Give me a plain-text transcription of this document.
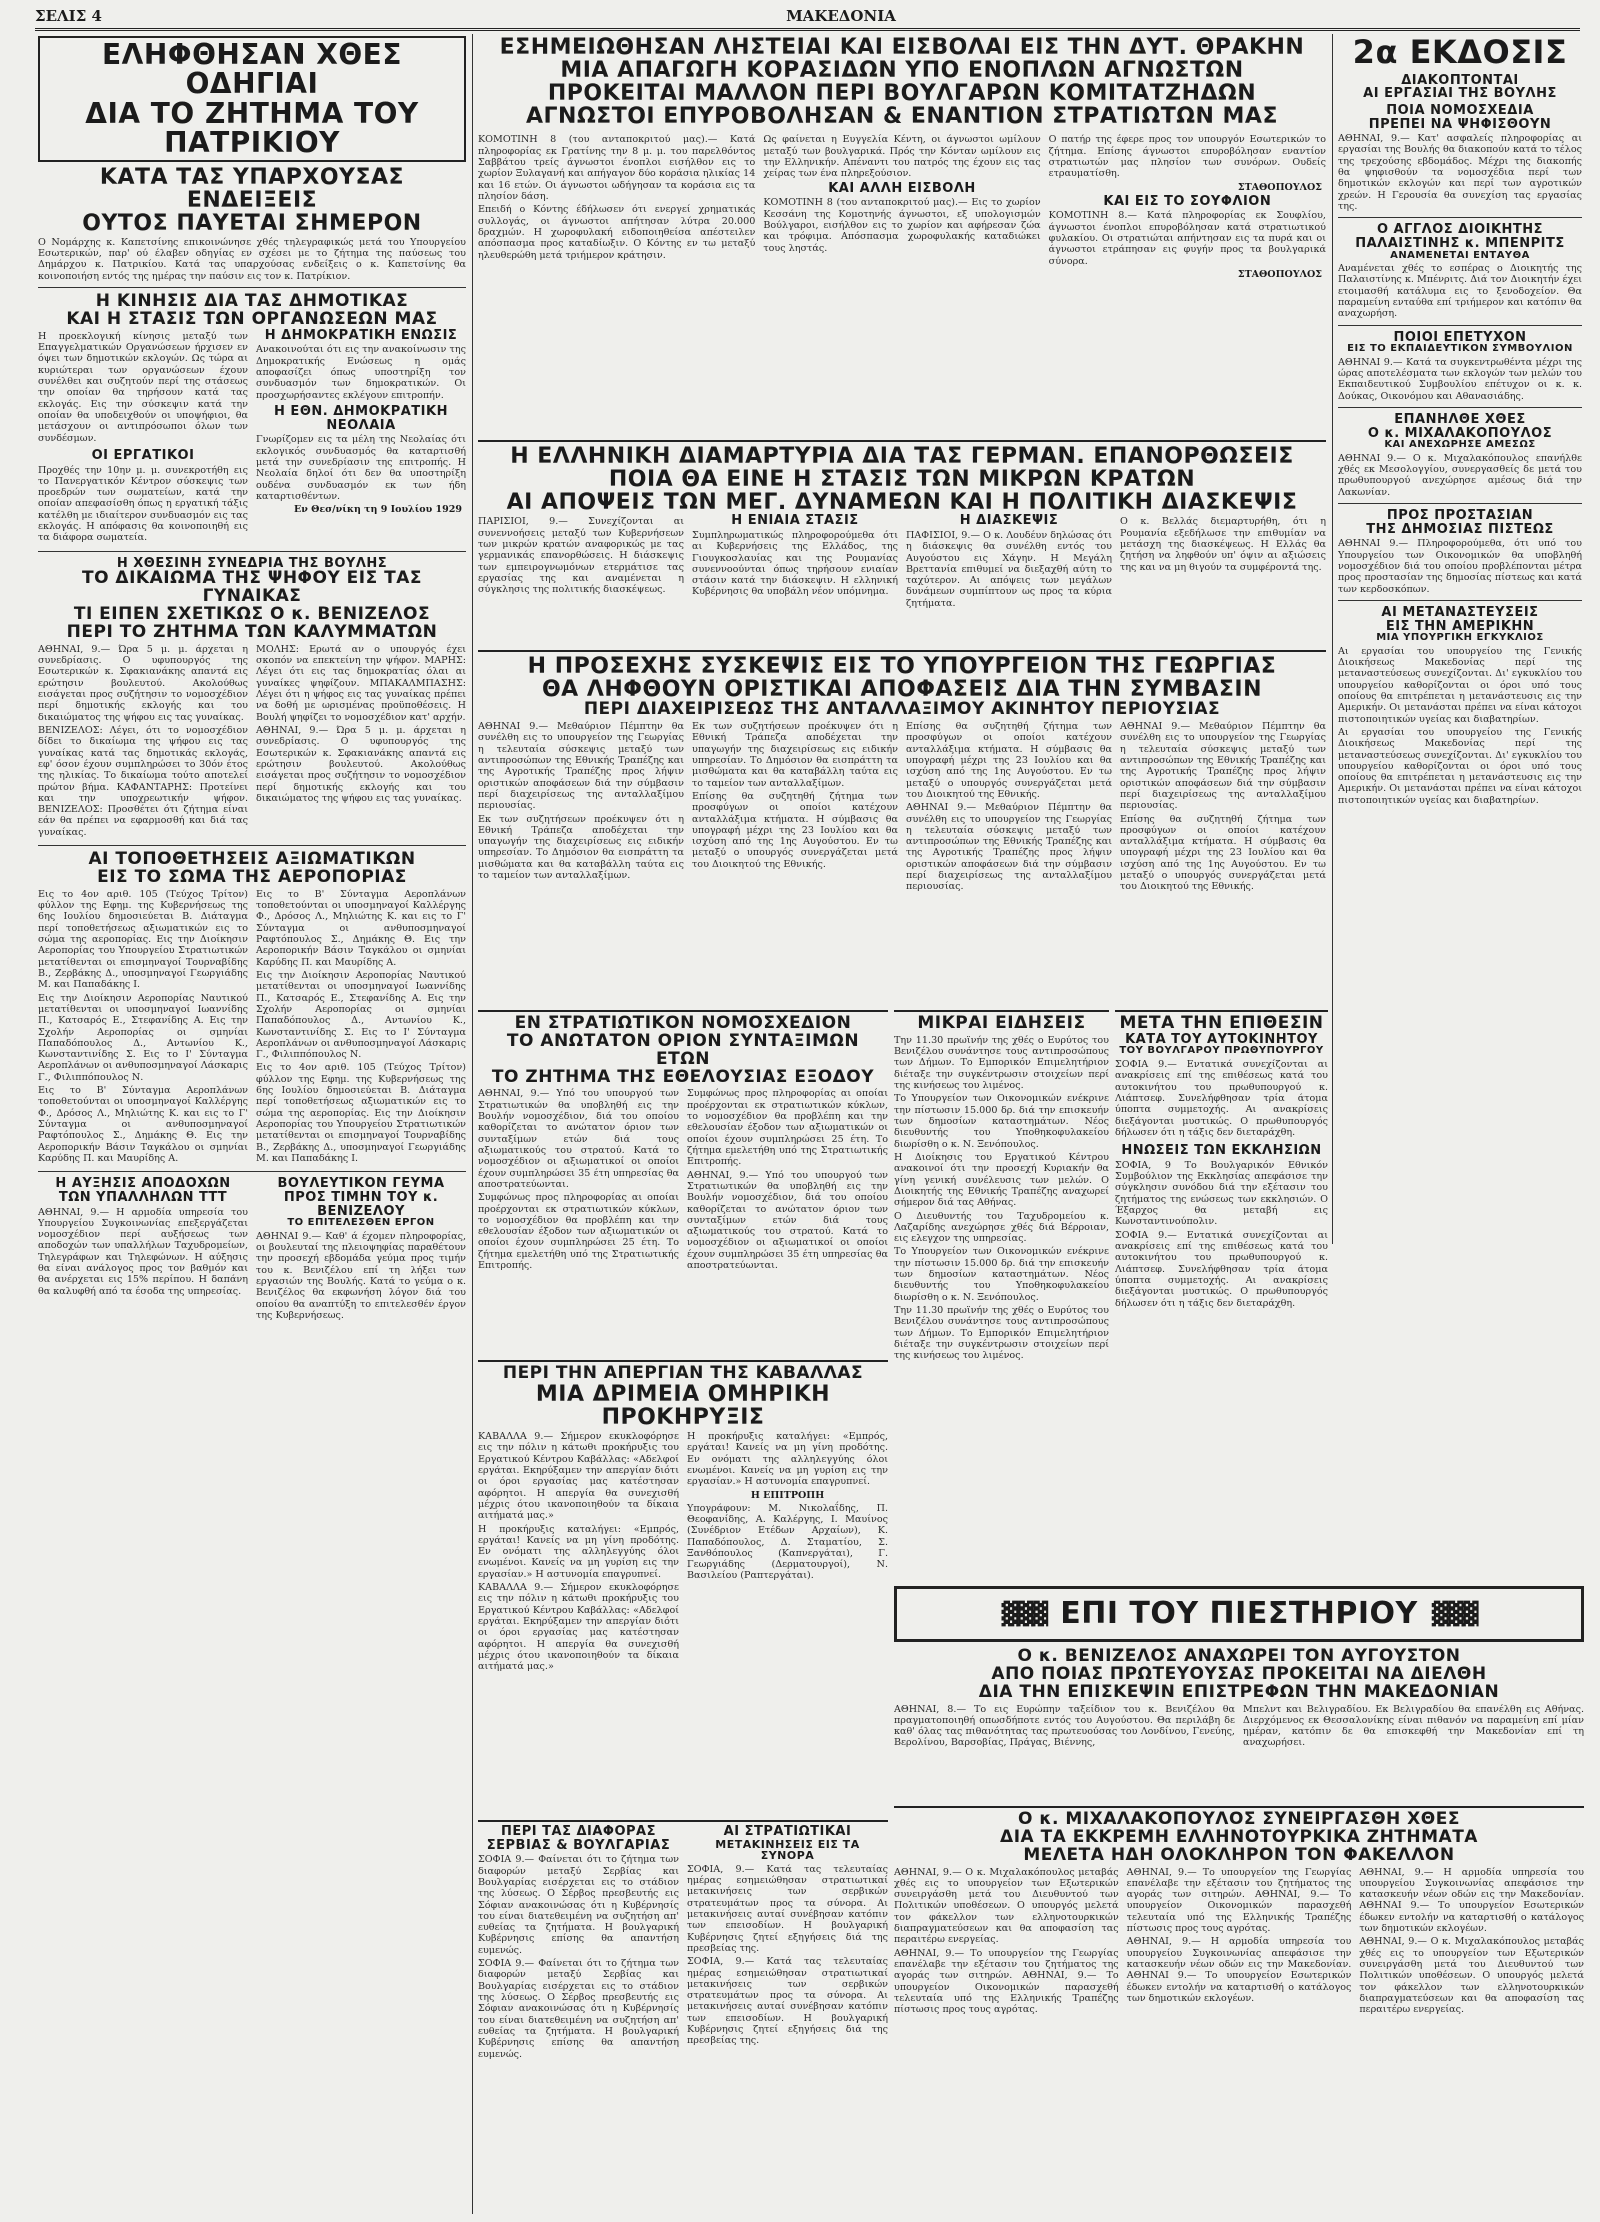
ΣΕΛΙΣ 4	ΜΑΚΕΔΟΝΙΑ

ΕΛΗΦΘΗΣΑΝ ΧΘΕΣ ΟΔΗΓΙΑΙ

ΔΙΑ ΤΟ ΖΗΤΗΜΑ ΤΟΥ ΠΑΤΡΙΚΙΟΥ

ΚΑΤΑ ΤΑΣ ΥΠΑΡΧΟΥΣΑΣ ΕΝΔΕΙΞΕΙΣ

ΟΥΤΟΣ ΠΑΥΕΤΑΙ ΣΗΜΕΡΟΝ

Ο Νομάρχης κ. Καπετσίνης επικοινώνησε χθές τηλεγραφικώς μετά του Υπουργείου Εσωτερικών, παρ' ού έλαβεν οδηγίας εν σχέσει με το ζήτημα της παύσεως του Δημάρχου κ. Πατρικίου. Κατά τας υπαρχούσας ενδείξεις ο κ. Καπετσίνης θα κοινοποιήση εντός της ημέρας την παύσιν εις τον κ. Πατρίκιον.

Η ΚΙΝΗΣΙΣ ΔΙΑ ΤΑΣ ΔΗΜΟΤΙΚΑΣ

ΚΑΙ Η ΣΤΑΣΙΣ ΤΩΝ ΟΡΓΑΝΩΣΕΩΝ ΜΑΣ

Η προεκλογική κίνησις μεταξύ των Επαγγελματικών Οργανώσεων ήρχισεν εν όψει των δημοτικών εκλογών. Ως τώρα αι κυριώτεραι των οργανώσεων έχουν συνέλθει και συζητούν περί της στάσεως την οποίαν θα τηρήσουν κατά τας εκλογάς. Εις την σύσκεψιν κατά την οποίαν θα υποδειχθούν οι υποψήφιοι, θα μετάσχουν οι αντιπρόσωποι όλων των συνδέσμων.

ΟΙ ΕΡΓΑΤΙΚΟΙ

Προχθές την 10ην μ. μ. συνεκροτήθη εις το Πανεργατικόν Κέντρον σύσκεψις των προεδρών των σωματείων, κατά την οποίαν απεφασίσθη όπως η εργατική τάξις κατέλθη με ιδιαίτερον συνδυασμόν εις τας εκλογάς. Η απόφασις θα κοινοποιηθή εις τα διάφορα σωματεία.

Η ΔΗΜΟΚΡΑΤΙΚΗ ΕΝΩΣΙΣ

Ανακοινούται ότι εις την ανακοίνωσιν της Δημοκρατικής Ενώσεως η ομάς αποφασίζει όπως υποστηρίξη τον συνδυασμόν των δημοκρατικών. Οι προσχωρήσαντες εκλέγουν επιτροπήν.

Η ΕΘΝ. ΔΗΜΟΚΡΑΤΙΚΗ ΝΕΟΛΑΙΑ

Γνωρίζομεν εις τα μέλη της Νεολαίας ότι εκλογικός συνδυασμός θα καταρτισθή μετά την συνεδρίασιν της επιτροπής. Η Νεολαία δηλοί ότι δεν θα υποστηρίξη ουδένα συνδυασμόν εκ των ήδη καταρτισθέντων.

Εν Θεσ/νίκη τη 9 Ιουλίου 1929

Η ΧΘΕΣΙΝΗ ΣΥΝΕΔΡΙΑ ΤΗΣ ΒΟΥΛΗΣ

ΤΟ ΔΙΚΑΙΩΜΑ ΤΗΣ ΨΗΦΟΥ ΕΙΣ ΤΑΣ ΓΥΝΑΙΚΑΣ

ΤΙ ΕΙΠΕΝ ΣΧΕΤΙΚΩΣ Ο κ. ΒΕΝΙΖΕΛΟΣ

ΠΕΡΙ ΤΟ ΖΗΤΗΜΑ ΤΩΝ ΚΑΛΥΜΜΑΤΩΝ

ΑΘΗΝΑΙ, 9.— Ώρα 5 μ. μ. άρχεται η συνεδρίασις. Ο υφυπουργός της Εσωτερικών κ. Σφακιανάκης απαντά εις ερώτησιν βουλευτού. Ακολούθως εισάγεται προς συζήτησιν το νομοσχέδιον περί δημοτικής εκλογής και του δικαιώματος της ψήφου εις τας γυναίκας.

ΒΕΝΙΖΕΛΟΣ: Λέγει, ότι το νομοσχέδιον δίδει το δικαίωμα της ψήφου εις τας γυναίκας κατά τας δημοτικάς εκλογάς, εφ' όσον έχουν συμπληρώσει το 30όν έτος της ηλικίας. Το δικαίωμα τούτο αποτελεί πρώτον βήμα. ΚΑΦΑΝΤΑΡΗΣ: Προτείνει και την υποχρεωτικήν ψήφον. ΒΕΝΙΖΕΛΟΣ: Προσθέτει ότι ζήτημα είναι εάν θα πρέπει να εφαρμοσθή και διά τας γυναίκας.

ΜΟΛΗΣ: Ερωτά αν ο υπουργός έχει σκοπόν να επεκτείνη την ψήφον. ΜΑΡΗΣ: Λέγει ότι εις τας δημοκρατίας όλαι αι γυναίκες ψηφίζουν. ΜΠΑΚΑΛΜΠΑΣΗΣ: Λέγει ότι η ψήφος εις τας γυναίκας πρέπει να δοθή με ωρισμένας προϋποθέσεις. Η Βουλή ψηφίζει το νομοσχέδιον κατ' αρχήν.

ΑΘΗΝΑΙ, 9.— Ώρα 5 μ. μ. άρχεται η συνεδρίασις. Ο υφυπουργός της Εσωτερικών κ. Σφακιανάκης απαντά εις ερώτησιν βουλευτού. Ακολούθως εισάγεται προς συζήτησιν το νομοσχέδιον περί δημοτικής εκλογής και του δικαιώματος της ψήφου εις τας γυναίκας.

ΑΙ ΤΟΠΟΘΕΤΗΣΕΙΣ ΑΞΙΩΜΑΤΙΚΩΝ

ΕΙΣ ΤΟ ΣΩΜΑ ΤΗΣ ΑΕΡΟΠΟΡΙΑΣ

Εις το 4ον αριθ. 105 (Τεύχος Τρίτον) φύλλον της Εφημ. της Κυβερνήσεως της 6ης Ιουλίου δημοσιεύεται Β. Διάταγμα περί τοποθετήσεως αξιωματικών εις το σώμα της αεροπορίας. Εις την Διοίκησιν Αεροπορίας του Υπουργείου Στρατιωτικών μετατίθενται οι επισμηναγοί Τουρναβίδης Β., Ζερβάκης Δ., υποσμηναγοί Γεωργιάδης Μ. και Παπαδάκης Ι.

Εις την Διοίκησιν Αεροπορίας Ναυτικού μετατίθενται οι υποσμηναγοί Ιωαννίδης Π., Κατσαρός Ε., Στεφανίδης Α. Εις την Σχολήν Αεροπορίας οι σμηνίαι Παπαδόπουλος Δ., Αντωνίου Κ., Κωνσταντινίδης Σ. Εις το Ι' Σύνταγμα Αεροπλάνων οι ανθυποσμηναγοί Λάσκαρις Γ., Φιλιππόπουλος Ν.

Εις το Β' Σύνταγμα Αεροπλάνων τοποθετούνται οι υποσμηναγοί Καλλέργης Φ., Δρόσος Λ., Μηλιώτης Κ. και εις το Γ' Σύνταγμα οι ανθυποσμηναγοί Ραφτόπουλος Σ., Δημάκης Θ. Εις την Αεροπορικήν Βάσιν Ταγκάλου οι σμηνίαι Καρύδης Π. και Μαυρίδης Α.

Εις το Β' Σύνταγμα Αεροπλάνων τοποθετούνται οι υποσμηναγοί Καλλέργης Φ., Δρόσος Λ., Μηλιώτης Κ. και εις το Γ' Σύνταγμα οι ανθυποσμηναγοί Ραφτόπουλος Σ., Δημάκης Θ. Εις την Αεροπορικήν Βάσιν Ταγκάλου οι σμηνίαι Καρύδης Π. και Μαυρίδης Α.

Εις την Διοίκησιν Αεροπορίας Ναυτικού μετατίθενται οι υποσμηναγοί Ιωαννίδης Π., Κατσαρός Ε., Στεφανίδης Α. Εις την Σχολήν Αεροπορίας οι σμηνίαι Παπαδόπουλος Δ., Αντωνίου Κ., Κωνσταντινίδης Σ. Εις το Ι' Σύνταγμα Αεροπλάνων οι ανθυποσμηναγοί Λάσκαρις Γ., Φιλιππόπουλος Ν.

Εις το 4ον αριθ. 105 (Τεύχος Τρίτον) φύλλον της Εφημ. της Κυβερνήσεως της 6ης Ιουλίου δημοσιεύεται Β. Διάταγμα περί τοποθετήσεως αξιωματικών εις το σώμα της αεροπορίας. Εις την Διοίκησιν Αεροπορίας του Υπουργείου Στρατιωτικών μετατίθενται οι επισμηναγοί Τουρναβίδης Β., Ζερβάκης Δ., υποσμηναγοί Γεωργιάδης Μ. και Παπαδάκης Ι.

Η ΑΥΞΗΣΙΣ ΑΠΟΔΟΧΩΝ

ΤΩΝ ΥΠΑΛΛΗΛΩΝ ΤΤΤ

ΑΘΗΝΑΙ, 9.— Η αρμοδία υπηρεσία του Υπουργείου Συγκοινωνίας επεξεργάζεται νομοσχέδιον περί αυξήσεως των αποδοχών των υπαλλήλων Ταχυδρομείων, Τηλεγράφων και Τηλεφώνων. Η αύξησις θα είναι ανάλογος προς τον βαθμόν και θα ανέρχεται εις 15% περίπου. Η δαπάνη θα καλυφθή από τα έσοδα της υπηρεσίας.

ΒΟΥΛΕΥΤΙΚΟΝ ΓΕΥΜΑ

ΠΡΟΣ ΤΙΜΗΝ ΤΟΥ κ. ΒΕΝΙΖΕΛΟΥ

ΤΟ ΕΠΙΤΕΛΕΣΘΕΝ ΕΡΓΟΝ

ΑΘΗΝΑΙ 9.— Καθ' ά έχομεν πληροφορίας, οι βουλευταί της πλειοψηφίας παραθέτουν την προσεχή εβδομάδα γεύμα προς τιμήν του κ. Βενιζέλου επί τη λήξει των εργασιών της Βουλής. Κατά το γεύμα ο κ. Βενιζέλος θα εκφωνήση λόγον διά του οποίου θα αναπτύξη το επιτελεσθέν έργον της Κυβερνήσεως.

ΕΣΗΜΕΙΩΘΗΣΑΝ ΛΗΣΤΕΙΑΙ ΚΑΙ ΕΙΣΒΟΛΑΙ ΕΙΣ ΤΗΝ ΔΥΤ. ΘΡΑΚΗΝ

ΜΙΑ ΑΠΑΓΩΓΗ ΚΟΡΑΣΙΔΩΝ ΥΠΟ ΕΝΟΠΛΩΝ ΑΓΝΩΣΤΩΝ

ΠΡΟΚΕΙΤΑΙ ΜΑΛΛΟΝ ΠΕΡΙ ΒΟΥΛΓΑΡΩΝ ΚΟΜΙΤΑΤΖΗΔΩΝ

ΑΓΝΩΣΤΟΙ ΕΠΥΡΟΒΟΛΗΣΑΝ & ΕΝΑΝΤΙΟΝ ΣΤΡΑΤΙΩΤΩΝ ΜΑΣ

ΚΟΜΟΤΙΝΗ 8 (του ανταποκριτού μας).— Κατά πληροφορίας εκ Γρατίνης την 8 μ. μ. του παρελθόντος Σαββάτου τρείς άγνωστοι ένοπλοι εισήλθον εις το χωρίον Ξυλαγανή και απήγαγον δύο κοράσια ηλικίας 14 και 16 ετών. Οι άγνωστοι ωδήγησαν τα κοράσια εις τα πλησίον δάση.

Επειδή ο Κόντης έδήλωσεν ότι ενεργεί χρηματικάς συλλογάς, οι άγνωστοι απήτησαν λύτρα 20.000 δραχμών. Η χωροφυλακή ειδοποιηθείσα απέστειλεν απόσπασμα προς καταδίωξιν. Ο Κόντης εν τω μεταξύ ηλευθερώθη μετά τριήμερον κράτησιν.

Ως φαίνεται η Ευγγελία Κέντη, οι άγνωστοι ωμίλουν μεταξύ των βουλγαρικά. Πρός την Κόνταν ωμίλουν εις την Ελληνικήν. Απέναντι του πατρός της έχουν εις τας χείρας των ένα πληρεξούσιον.

ΚΑΙ ΑΛΛΗ ΕΙΣΒΟΛΗ

ΚΟΜΟΤΙΝΗ 8 (του ανταποκριτού μας).— Εις το χωρίον Κεσσάνη της Κομοτηνής άγνωστοι, εξ υπολογισμών Βούλγαροι, εισήλθον εις το χωρίον και αφήρεσαν ζώα και τρόφιμα. Απόσπασμα χωροφυλακής καταδιώκει τους ληστάς.

Ο πατήρ της έφερε προς τον υπουργόν Εσωτερικών το ζήτημα. Επίσης άγνωστοι επυροβόλησαν εναντίον στρατιωτών μας πλησίον των συνόρων. Ουδείς ετραυματίσθη.

ΣΤΑΘΟΠΟΥΛΟΣ

ΚΑΙ ΕΙΣ ΤΟ ΣΟΥΦΛΙΟΝ

ΚΟΜΟΤΙΝΗ 8.— Κατά πληροφορίας εκ Σουφλίου, άγνωστοι ένοπλοι επυροβόλησαν κατά στρατιωτικού φυλακίου. Οι στρατιώται απήντησαν εις τα πυρά και οι άγνωστοι ετράπησαν εις φυγήν προς τα βουλγαρικά σύνορα.

ΣΤΑΘΟΠΟΥΛΟΣ

2α ΕΚΔΟΣΙΣ

ΔΙΑΚΟΠΤΟΝΤΑΙ

ΑΙ ΕΡΓΑΣΙΑΙ ΤΗΣ ΒΟΥΛΗΣ

ΠΟΙΑ ΝΟΜΟΣΧΕΔΙΑ

ΠΡΕΠΕΙ ΝΑ ΨΗΦΙΣΘΟΥΝ

ΑΘΗΝΑΙ, 9.— Κατ' ασφαλείς πληροφορίας αι εργασίαι της Βουλής θα διακοπούν κατά το τέλος της τρεχούσης εβδομάδος. Μέχρι της διακοπής θα ψηφισθούν τα νομοσχέδια περί των δημοτικών εκλογών και περί των αγροτικών χρεών. Η Γερουσία θα συνεχίση τας εργασίας της.

Ο ΑΓΓΛΟΣ ΔΙΟΙΚΗΤΗΣ

ΠΑΛΑΙΣΤΙΝΗΣ κ. ΜΠΕΝΡΙΤΣ

ΑΝΑΜΕΝΕΤΑΙ ΕΝΤΑΥΘΑ

Αναμένεται χθές το εσπέρας ο Διοικητής της Παλαιστίνης κ. Μπένριτς. Διά τον Διοικητήν έχει ετοιμασθή κατάλυμα εις το ξενοδοχείον. Θα παραμείνη ενταύθα επί τριήμερον και κατόπιν θα αναχωρήση.

ΠΟΙΟΙ ΕΠΕΤΥΧΟΝ

ΕΙΣ ΤΟ ΕΚΠΑΙΔΕΥΤΙΚΟΝ ΣΥΜΒΟΥΛΙΟΝ

ΑΘΗΝΑΙ 9.— Κατά τα συγκεντρωθέντα μέχρι της ώρας αποτελέσματα των εκλογών των μελών του Εκπαιδευτικού Συμβουλίου επέτυχον οι κ. κ. Δούκας, Οικονόμου και Αθανασιάδης.

ΕΠΑΝΗΛΘΕ ΧΘΕΣ

Ο κ. ΜΙΧΑΛΑΚΟΠΟΥΛΟΣ

ΚΑΙ ΑΝΕΧΩΡΗΣΕ ΑΜΕΣΩΣ

ΑΘΗΝΑΙ 9.— Ο κ. Μιχαλακόπουλος επανήλθε χθές εκ Μεσολογγίου, συνεργασθείς δε μετά του πρωθυπουργού ανεχώρησε αμέσως διά την Λακωνίαν.

ΠΡΟΣ ΠΡΟΣΤΑΣΙΑΝ

ΤΗΣ ΔΗΜΟΣΙΑΣ ΠΙΣΤΕΩΣ

ΑΘΗΝΑΙ 9.— Πληροφορούμεθα, ότι υπό του Υπουργείου των Οικονομικών θα υποβληθή νομοσχέδιον διά του οποίου προβλέπονται μέτρα προς προστασίαν της δημοσίας πίστεως και κατά των κερδοσκόπων.

ΑΙ ΜΕΤΑΝΑΣΤΕΥΣΕΙΣ

ΕΙΣ ΤΗΝ ΑΜΕΡΙΚΗΝ

ΜΙΑ ΥΠΟΥΡΓΙΚΗ ΕΓΚΥΚΛΙΟΣ

Αι εργασίαι του υπουργείου της Γενικής Διοικήσεως Μακεδονίας περί της μεταναστεύσεως συνεχίζονται. Δι' εγκυκλίου του υπουργείου καθορίζονται οι όροι υπό τους οποίους θα επιτρέπεται η μετανάστευσις εις την Αμερικήν. Οι μετανάσται πρέπει να είναι κάτοχοι πιστοποιητικών υγείας και διαβατηρίων.

Αι εργασίαι του υπουργείου της Γενικής Διοικήσεως Μακεδονίας περί της μεταναστεύσεως συνεχίζονται. Δι' εγκυκλίου του υπουργείου καθορίζονται οι όροι υπό τους οποίους θα επιτρέπεται η μετανάστευσις εις την Αμερικήν. Οι μετανάσται πρέπει να είναι κάτοχοι πιστοποιητικών υγείας και διαβατηρίων.

Η ΕΛΛΗΝΙΚΗ ΔΙΑΜΑΡΤΥΡΙΑ ΔΙΑ ΤΑΣ ΓΕΡΜΑΝ. ΕΠΑΝΟΡΘΩΣΕΙΣ

ΠΟΙΑ ΘΑ ΕΙΝΕ Η ΣΤΑΣΙΣ ΤΩΝ ΜΙΚΡΩΝ ΚΡΑΤΩΝ

ΑΙ ΑΠΟΨΕΙΣ ΤΩΝ ΜΕΓ. ΔΥΝΑΜΕΩΝ ΚΑΙ Η ΠΟΛΙΤΙΚΗ ΔΙΑΣΚΕΨΙΣ

ΠΑΡΙΣΙΟΙ, 9.— Συνεχίζονται αι συνεννοήσεις μεταξύ των Κυβερνήσεων των μικρών κρατών αναφορικώς με τας γερμανικάς επανορθώσεις. Η διάσκεψις των εμπειρογνωμόνων ετερμάτισε τας εργασίας της και αναμένεται η σύγκλησις της πολιτικής διασκέψεως.

Η ΕΝΙΑΙΑ ΣΤΑΣΙΣ

Συμπληρωματικώς πληροφορούμεθα ότι αι Κυβερνήσεις της Ελλάδος, της Γιουγκοσλαυίας και της Ρουμανίας συνεννοούνται όπως τηρήσουν ενιαίαν στάσιν κατά την διάσκεψιν. Η ελληνική Κυβέρνησις θα υποβάλη νέον υπόμνημα.

Η ΔΙΑΣΚΕΨΙΣ

ΠΑΦΙΣΙΟΙ, 9.— Ο κ. Λουδέυν δηλώσας ότι η διάσκεψις θα συνέλθη εντός του Αυγούστου εις Χάγην. Η Μεγάλη Βρεττανία επιθυμεί να διεξαχθή αύτη το ταχύτερον. Αι απόψεις των μεγάλων δυνάμεων συμπίπτουν ως προς τα κύρια ζητήματα.

Ο κ. Βελλάς διεμαρτυρήθη, ότι η Ρουμανία εξεδήλωσε την επιθυμίαν να μετάσχη της διασκέψεως. Η Ελλάς θα ζητήση να ληφθούν υπ' όψιν αι αξιώσεις της και να μη θιγούν τα συμφέροντά της.

Η ΠΡΟΣΕΧΗΣ ΣΥΣΚΕΨΙΣ ΕΙΣ ΤΟ ΥΠΟΥΡΓΕΙΟΝ ΤΗΣ ΓΕΩΡΓΙΑΣ

ΘΑ ΛΗΦΘΟΥΝ ΟΡΙΣΤΙΚΑΙ ΑΠΟΦΑΣΕΙΣ ΔΙΑ ΤΗΝ ΣΥΜΒΑΣΙΝ

ΠΕΡΙ ΔΙΑΧΕΙΡΙΣΕΩΣ ΤΗΣ ΑΝΤΑΛΛΑΞΙΜΟΥ ΑΚΙΝΗΤΟΥ ΠΕΡΙΟΥΣΙΑΣ

ΑΘΗΝΑΙ 9.— Μεθαύριον Πέμπτην θα συνέλθη εις το υπουργείον της Γεωργίας η τελευταία σύσκεψις μεταξύ των αντιπροσώπων της Εθνικής Τραπέζης και της Αγροτικής Τραπέζης προς λήψιν οριστικών αποφάσεων διά την σύμβασιν περί διαχειρίσεως της ανταλλαξίμου περιουσίας.

Εκ των συζητήσεων προέκυψεν ότι η Εθνική Τράπεζα αποδέχεται την υπαγωγήν της διαχειρίσεως εις ειδικήν υπηρεσίαν. Το Δημόσιον θα εισπράττη τα μισθώματα και θα καταβάλλη ταύτα εις το ταμείον των ανταλλαξίμων.

Εκ των συζητήσεων προέκυψεν ότι η Εθνική Τράπεζα αποδέχεται την υπαγωγήν της διαχειρίσεως εις ειδικήν υπηρεσίαν. Το Δημόσιον θα εισπράττη τα μισθώματα και θα καταβάλλη ταύτα εις το ταμείον των ανταλλαξίμων.

Επίσης θα συζητηθή ζήτημα των προσφύγων οι οποίοι κατέχουν ανταλλάξιμα κτήματα. Η σύμβασις θα υπογραφή μέχρι της 23 Ιουλίου και θα ισχύση από της 1ης Αυγούστου. Εν τω μεταξύ ο υπουργός συνεργάζεται μετά του Διοικητού της Εθνικής.

Επίσης θα συζητηθή ζήτημα των προσφύγων οι οποίοι κατέχουν ανταλλάξιμα κτήματα. Η σύμβασις θα υπογραφή μέχρι της 23 Ιουλίου και θα ισχύση από της 1ης Αυγούστου. Εν τω μεταξύ ο υπουργός συνεργάζεται μετά του Διοικητού της Εθνικής.

ΑΘΗΝΑΙ 9.— Μεθαύριον Πέμπτην θα συνέλθη εις το υπουργείον της Γεωργίας η τελευταία σύσκεψις μεταξύ των αντιπροσώπων της Εθνικής Τραπέζης και της Αγροτικής Τραπέζης προς λήψιν οριστικών αποφάσεων διά την σύμβασιν περί διαχειρίσεως της ανταλλαξίμου περιουσίας.

ΑΘΗΝΑΙ 9.— Μεθαύριον Πέμπτην θα συνέλθη εις το υπουργείον της Γεωργίας η τελευταία σύσκεψις μεταξύ των αντιπροσώπων της Εθνικής Τραπέζης και της Αγροτικής Τραπέζης προς λήψιν οριστικών αποφάσεων διά την σύμβασιν περί διαχειρίσεως της ανταλλαξίμου περιουσίας.

Επίσης θα συζητηθή ζήτημα των προσφύγων οι οποίοι κατέχουν ανταλλάξιμα κτήματα. Η σύμβασις θα υπογραφή μέχρι της 23 Ιουλίου και θα ισχύση από της 1ης Αυγούστου. Εν τω μεταξύ ο υπουργός συνεργάζεται μετά του Διοικητού της Εθνικής.

ΕΝ ΣΤΡΑΤΙΩΤΙΚΟΝ ΝΟΜΟΣΧΕΔΙΟΝ

ΤΟ ΑΝΩΤΑΤΟΝ ΟΡΙΟΝ ΣΥΝΤΑΞΙΜΩΝ ΕΤΩΝ

ΤΟ ΖΗΤΗΜΑ ΤΗΣ ΕΘΕΛΟΥΣΙΑΣ ΕΞΟΔΟΥ

ΑΘΗΝΑΙ, 9.— Υπό του υπουργού των Στρατιωτικών θα υποβληθή εις την Βουλήν νομοσχέδιον, διά του οποίου καθορίζεται το ανώτατον όριον των συνταξίμων ετών διά τους αξιωματικούς του στρατού. Κατά το νομοσχέδιον οι αξιωματικοί οι οποίοι έχουν συμπληρώσει 35 έτη υπηρεσίας θα αποστρατεύωνται.

Συμφώνως προς πληροφορίας αι οποίαι προέρχονται εκ στρατιωτικών κύκλων, το νομοσχέδιον θα προβλέπη και την εθελουσίαν έξοδον των αξιωματικών οι οποίοι έχουν συμπληρώσει 25 έτη. Το ζήτημα εμελετήθη υπό της Στρατιωτικής Επιτροπής.

Συμφώνως προς πληροφορίας αι οποίαι προέρχονται εκ στρατιωτικών κύκλων, το νομοσχέδιον θα προβλέπη και την εθελουσίαν έξοδον των αξιωματικών οι οποίοι έχουν συμπληρώσει 25 έτη. Το ζήτημα εμελετήθη υπό της Στρατιωτικής Επιτροπής.

ΑΘΗΝΑΙ, 9.— Υπό του υπουργού των Στρατιωτικών θα υποβληθή εις την Βουλήν νομοσχέδιον, διά του οποίου καθορίζεται το ανώτατον όριον των συνταξίμων ετών διά τους αξιωματικούς του στρατού. Κατά το νομοσχέδιον οι αξιωματικοί οι οποίοι έχουν συμπληρώσει 35 έτη υπηρεσίας θα αποστρατεύωνται.

ΠΕΡΙ ΤΗΝ ΑΠΕΡΓΙΑΝ ΤΗΣ ΚΑΒΑΛΛΑΣ

ΜΙΑ ΔΡΙΜΕΙΑ ΟΜΗΡΙΚΗ ΠΡΟΚΗΡΥΞΙΣ

ΚΑΒΑΛΛΑ 9.— Σήμερον εκυκλοφόρησε εις την πόλιν η κάτωθι προκήρυξις του Εργατικού Κέντρου Καβάλλας: «Αδελφοί εργάται. Εκηρύξαμεν την απεργίαν διότι οι όροι εργασίας μας κατέστησαν αφόρητοι. Η απεργία θα συνεχισθή μέχρις ότου ικανοποιηθούν τα δίκαια αιτήματά μας.»

Η προκήρυξις καταλήγει: «Εμπρός, εργάται! Κανείς να μη γίνη προδότης. Εν ονόματι της αλληλεγγύης όλοι ενωμένοι. Κανείς να μη γυρίση εις την εργασίαν.» Η αστυνομία επαγρυπνεί.

ΚΑΒΑΛΛΑ 9.— Σήμερον εκυκλοφόρησε εις την πόλιν η κάτωθι προκήρυξις του Εργατικού Κέντρου Καβάλλας: «Αδελφοί εργάται. Εκηρύξαμεν την απεργίαν διότι οι όροι εργασίας μας κατέστησαν αφόρητοι. Η απεργία θα συνεχισθή μέχρις ότου ικανοποιηθούν τα δίκαια αιτήματά μας.»

Η προκήρυξις καταλήγει: «Εμπρός, εργάται! Κανείς να μη γίνη προδότης. Εν ονόματι της αλληλεγγύης όλοι ενωμένοι. Κανείς να μη γυρίση εις την εργασίαν.» Η αστυνομία επαγρυπνεί.

Η ΕΠΙΤΡΟΠΗ

Υπογράφουν: Μ. Νικολαΐδης, Π. Θεοφανίδης, Α. Καλέργης, Ι. Μαυίνος (Συνέδριον Ετέδων Αρχαίων), Κ. Παπαδόπουλος, Δ. Σταματίου, Σ. Ξανθόπουλος (Καπνεργάται), Γ. Γεωργιάδης (Δερματουργοί), Ν. Βασιλείου (Ραπτεργάται).

ΠΕΡΙ ΤΑΣ ΔΙΑΦΟΡΑΣ

ΣΕΡΒΙΑΣ & ΒΟΥΛΓΑΡΙΑΣ

ΣΟΦΙΑ 9.— Φαίνεται ότι το ζήτημα των διαφορών μεταξύ Σερβίας και Βουλγαρίας εισέρχεται εις το στάδιον της λύσεως. Ο Σέρβος πρεσβευτής εις Σόφιαν ανακοινώσας ότι η Κυβέρνησίς του είναι διατεθειμένη να συζητήση απ' ευθείας τα ζητήματα. Η βουλγαρική Κυβέρνησις επίσης θα απαντήση ευμενώς.

ΣΟΦΙΑ 9.— Φαίνεται ότι το ζήτημα των διαφορών μεταξύ Σερβίας και Βουλγαρίας εισέρχεται εις το στάδιον της λύσεως. Ο Σέρβος πρεσβευτής εις Σόφιαν ανακοινώσας ότι η Κυβέρνησίς του είναι διατεθειμένη να συζητήση απ' ευθείας τα ζητήματα. Η βουλγαρική Κυβέρνησις επίσης θα απαντήση ευμενώς.

ΑΙ ΣΤΡΑΤΙΩΤΙΚΑΙ

ΜΕΤΑΚΙΝΗΣΕΙΣ ΕΙΣ ΤΑ ΣΥΝΟΡΑ

ΣΟΦΙΑ, 9.— Κατά τας τελευταίας ημέρας εσημειώθησαν στρατιωτικαί μετακινήσεις των σερβικών στρατευμάτων προς τα σύνορα. Αι μετακινήσεις αυταί συνέβησαν κατόπιν των επεισοδίων. Η βουλγαρική Κυβέρνησις ζητεί εξηγήσεις διά της πρεσβείας της.

ΣΟΦΙΑ, 9.— Κατά τας τελευταίας ημέρας εσημειώθησαν στρατιωτικαί μετακινήσεις των σερβικών στρατευμάτων προς τα σύνορα. Αι μετακινήσεις αυταί συνέβησαν κατόπιν των επεισοδίων. Η βουλγαρική Κυβέρνησις ζητεί εξηγήσεις διά της πρεσβείας της.

ΜΙΚΡΑΙ ΕΙΔΗΣΕΙΣ

Την 11.30 πρωϊνήν της χθές ο Ευρύτος του Βενιζέλου συνάντησε τους αντιπροσώπους των Δήμων. Το Εμπορικόν Επιμελητήριον διέταξε την συγκέντρωσιν στοιχείων περί της κινήσεως του λιμένος.

Το Υπουργείον των Οικονομικών ενέκρινε την πίστωσιν 15.000 δρ. διά την επισκευήν των δημοσίων καταστημάτων. Νέος διευθυντής του Υποθηκοφυλακείου διωρίσθη ο κ. Ν. Ξενόπουλος.

Η Διοίκησις του Εργατικού Κέντρου ανακοινοί ότι την προσεχή Κυριακήν θα γίνη γενική συνέλευσις των μελών. Ο Διοικητής της Εθνικής Τραπέζης αναχωρεί σήμερον διά τας Αθήνας.

Ο Διευθυντής του Ταχυδρομείου κ. Λαζαρίδης ανεχώρησε χθές διά Βέρροιαν, εις ελεγχον της υπηρεσίας.

Το Υπουργείον των Οικονομικών ενέκρινε την πίστωσιν 15.000 δρ. διά την επισκευήν των δημοσίων καταστημάτων. Νέος διευθυντής του Υποθηκοφυλακείου διωρίσθη ο κ. Ν. Ξενόπουλος.

Την 11.30 πρωϊνήν της χθές ο Ευρύτος του Βενιζέλου συνάντησε τους αντιπροσώπους των Δήμων. Το Εμπορικόν Επιμελητήριον διέταξε την συγκέντρωσιν στοιχείων περί της κινήσεως του λιμένος.

ΜΕΤΑ ΤΗΝ ΕΠΙΘΕΣΙΝ

ΚΑΤΑ ΤΟΥ ΑΥΤΟΚΙΝΗΤΟΥ

ΤΟΥ ΒΟΥΛΓΑΡΟΥ ΠΡΩΘΥΠΟΥΡΓΟΥ

ΣΟΦΙΑ 9.— Εντατικά συνεχίζονται αι ανακρίσεις επί της επιθέσεως κατά του αυτοκινήτου του πρωθυπουργού κ. Λιάπτσεφ. Συνελήφθησαν τρία άτομα ύποπτα συμμετοχής. Αι ανακρίσεις διεξάγονται μυστικώς. Ο πρωθυπουργός δήλωσεν ότι η τάξις δεν διεταράχθη.

ΗΝΩΣΕΙΣ ΤΩΝ ΕΚΚΛΗΣΙΩΝ

ΣΟΦΙΑ, 9 Το Βουλγαρικόν Εθνικόν Συμβούλιον της Εκκλησίας απεφάσισε την σύγκλησιν συνόδου διά την εξέτασιν του ζητήματος της ενώσεως των εκκλησιών. Ο Έξαρχος θα μεταβή εις Κωνσταντινούπολιν.

ΣΟΦΙΑ 9.— Εντατικά συνεχίζονται αι ανακρίσεις επί της επιθέσεως κατά του αυτοκινήτου του πρωθυπουργού κ. Λιάπτσεφ. Συνελήφθησαν τρία άτομα ύποπτα συμμετοχής. Αι ανακρίσεις διεξάγονται μυστικώς. Ο πρωθυπουργός δήλωσεν ότι η τάξις δεν διεταράχθη.

▓▓▓ ΕΠΙ ΤΟΥ ΠΙΕΣΤΗΡΙΟΥ ▓▓▓

Ο κ. ΒΕΝΙΖΕΛΟΣ ΑΝΑΧΩΡΕΙ ΤΟΝ ΑΥΓΟΥΣΤΟΝ

ΑΠΟ ΠΟΙΑΣ ΠΡΩΤΕΥΟΥΣΑΣ ΠΡΟΚΕΙΤΑΙ ΝΑ ΔΙΕΛΘΗ

ΔΙΑ ΤΗΝ ΕΠΙΣΚΕΨΙΝ ΕΠΙΣΤΡΕΦΩΝ ΤΗΝ ΜΑΚΕΔΟΝΙΑΝ

ΑΘΗΝΑΙ, 8.— Το εις Ευρώπην ταξείδιον του κ. Βενιζέλου θα πραγματοποιηθή οπωσδήποτε εντός του Αυγούστου. Θα περιλάβη δε καθ' όλας τας πιθανότητας τας πρωτευούσας του Λονδίνου, Γενεύης, Βερολίνου, Βαρσοβίας, Πράγας, Βιέννης,

Μπελντ και Βελιγραδίου. Εκ Βελιγραδίου θα επανέλθη εις Αθήνας. Διερχόμενος εκ Θεσσαλονίκης είναι πιθανόν να παραμείνη επί μίαν ημέραν, κατόπιν δε θα επισκεφθή την Μακεδονίαν επί τη αναχωρήσει.

Ο κ. ΜΙΧΑΛΑΚΟΠΟΥΛΟΣ ΣΥΝΕΙΡΓΑΣΘΗ ΧΘΕΣ

ΔΙΑ ΤΑ ΕΚΚΡΕΜΗ ΕΛΛΗΝΟΤΟΥΡΚΙΚΑ ΖΗΤΗΜΑΤΑ

ΜΕΛΕΤΑ ΗΔΗ ΟΛΟΚΛΗΡΟΝ ΤΟΝ ΦΑΚΕΛΛΟΝ

ΑΘΗΝΑΙ, 9.— Ο κ. Μιχαλακόπουλος μεταβάς χθές εις το υπουργείον των Εξωτερικών συνειργάσθη μετά του Διευθυντού των Πολιτικών υποθέσεων. Ο υπουργός μελετά τον φάκελλον των ελληνοτουρκικών διαπραγματεύσεων και θα αποφασίση τας περαιτέρω ενεργείας.

ΑΘΗΝΑΙ, 9.— Το υπουργείον της Γεωργίας επανέλαβε την εξέτασιν του ζητήματος της αγοράς των σιτηρών. ΑΘΗΝΑΙ, 9.— Το υπουργείον Οικονομικών παρασχεθή τελευταία υπό της Ελληνικής Τραπέζης πίστωσις προς τους αγρότας.

ΑΘΗΝΑΙ, 9.— Το υπουργείον της Γεωργίας επανέλαβε την εξέτασιν του ζητήματος της αγοράς των σιτηρών. ΑΘΗΝΑΙ, 9.— Το υπουργείον Οικονομικών παρασχεθή τελευταία υπό της Ελληνικής Τραπέζης πίστωσις προς τους αγρότας.

ΑΘΗΝΑΙ, 9.— Η αρμοδία υπηρεσία του υπουργείου Συγκοινωνίας απεφάσισε την κατασκευήν νέων οδών εις την Μακεδονίαν. ΑΘΗΝΑΙ 9.— Το υπουργείον Εσωτερικών έδωκεν εντολήν να καταρτισθή ο κατάλογος των δημοτικών εκλογέων.

ΑΘΗΝΑΙ, 9.— Η αρμοδία υπηρεσία του υπουργείου Συγκοινωνίας απεφάσισε την κατασκευήν νέων οδών εις την Μακεδονίαν. ΑΘΗΝΑΙ 9.— Το υπουργείον Εσωτερικών έδωκεν εντολήν να καταρτισθή ο κατάλογος των δημοτικών εκλογέων.

ΑΘΗΝΑΙ, 9.— Ο κ. Μιχαλακόπουλος μεταβάς χθές εις το υπουργείον των Εξωτερικών συνειργάσθη μετά του Διευθυντού των Πολιτικών υποθέσεων. Ο υπουργός μελετά τον φάκελλον των ελληνοτουρκικών διαπραγματεύσεων και θα αποφασίση τας περαιτέρω ενεργείας.
